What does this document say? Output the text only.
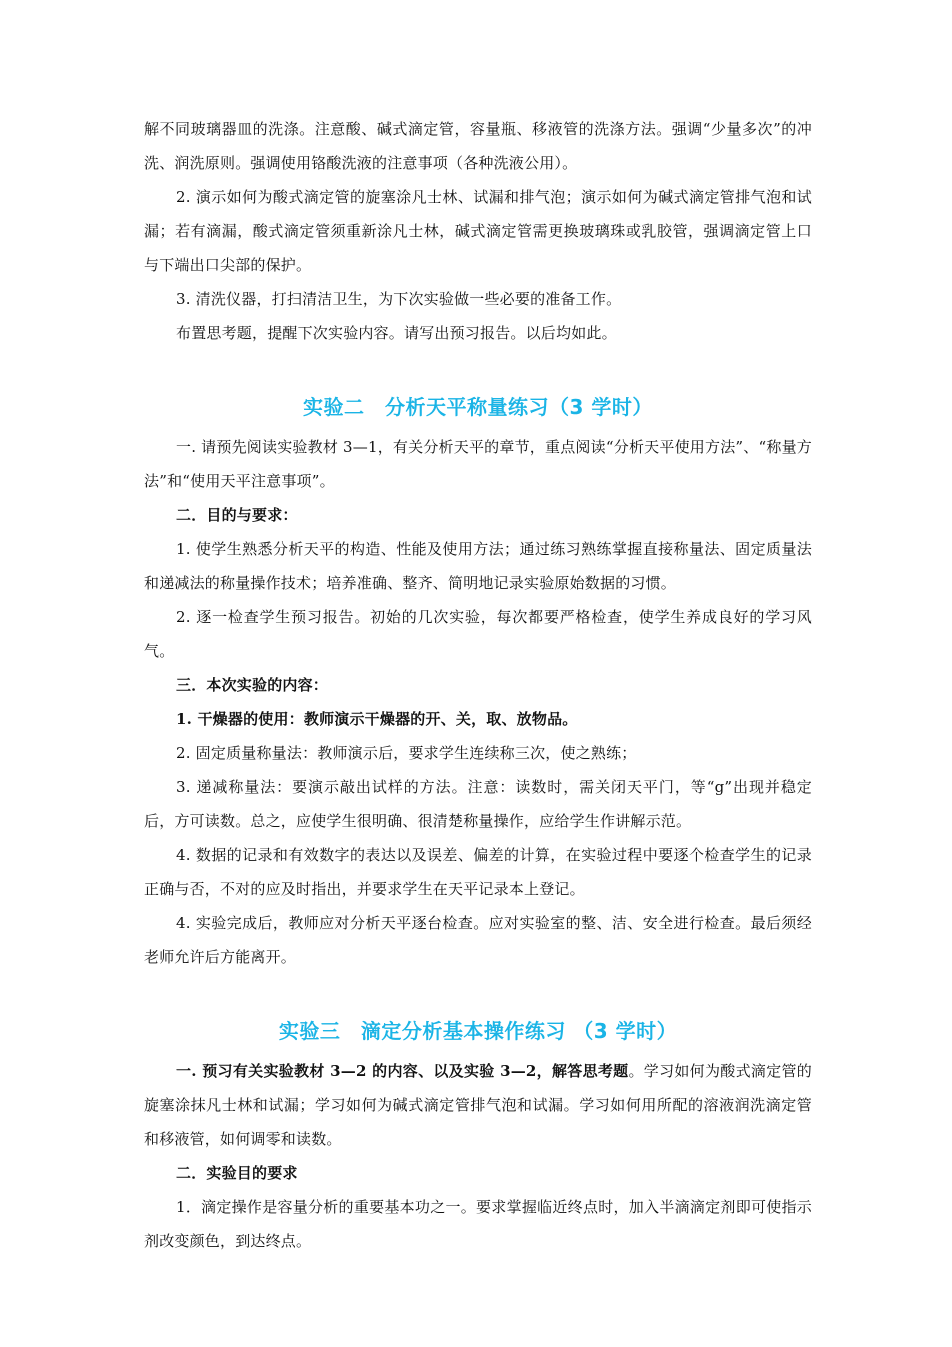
解不同玻璃器皿的洗涤。注意酸、碱式滴定管，容量瓶、移液管的洗涤方法。强调“少量多次”的冲洗、润洗原则。强调使用铬酸洗液的注意事项（各种洗液公用）。

2. 演示如何为酸式滴定管的旋塞涂凡士林、试漏和排气泡；演示如何为碱式滴定管排气泡和试漏；若有滴漏，酸式滴定管须重新涂凡士林，碱式滴定管需更换玻璃珠或乳胶管，强调滴定管上口与下端出口尖部的保护。

3. 清洗仪器，打扫清洁卫生，为下次实验做一些必要的准备工作。

布置思考题，提醒下次实验内容。请写出预习报告。以后均如此。

实验二　分析天平称量练习（3 学时）

一. 请预先阅读实验教材 3—1，有关分析天平的章节，重点阅读“分析天平使用方法”、“称量方法”和“使用天平注意事项”。

二．目的与要求：

1. 使学生熟悉分析天平的构造、性能及使用方法；通过练习熟练掌握直接称量法、固定质量法和递减法的称量操作技术；培养准确、整齐、简明地记录实验原始数据的习惯。

2. 逐一检查学生预习报告。初始的几次实验，每次都要严格检查，使学生养成良好的学习风气。

三．本次实验的内容：

1. 干燥器的使用：教师演示干燥器的开、关，取、放物品。

2. 固定质量称量法：教师演示后，要求学生连续称三次，使之熟练；

3. 递减称量法：要演示敲出试样的方法。注意：读数时，需关闭天平门，等“g”出现并稳定后，方可读数。总之，应使学生很明确、很清楚称量操作，应给学生作讲解示范。

4. 数据的记录和有效数字的表达以及误差、偏差的计算，在实验过程中要逐个检查学生的记录正确与否，不对的应及时指出，并要求学生在天平记录本上登记。

4. 实验完成后，教师应对分析天平逐台检查。应对实验室的整、洁、安全进行检查。最后须经老师允许后方能离开。

实验三　滴定分析基本操作练习 （3 学时）

一. 预习有关实验教材 3—2 的内容、以及实验 3—2，解答思考题。学习如何为酸式滴定管的旋塞涂抹凡士林和试漏；学习如何为碱式滴定管排气泡和试漏。学习如何用所配的溶液润洗滴定管和移液管，如何调零和读数。

二．实验目的要求

1．滴定操作是容量分析的重要基本功之一。要求掌握临近终点时，加入半滴滴定剂即可使指示剂改变颜色，到达终点。
